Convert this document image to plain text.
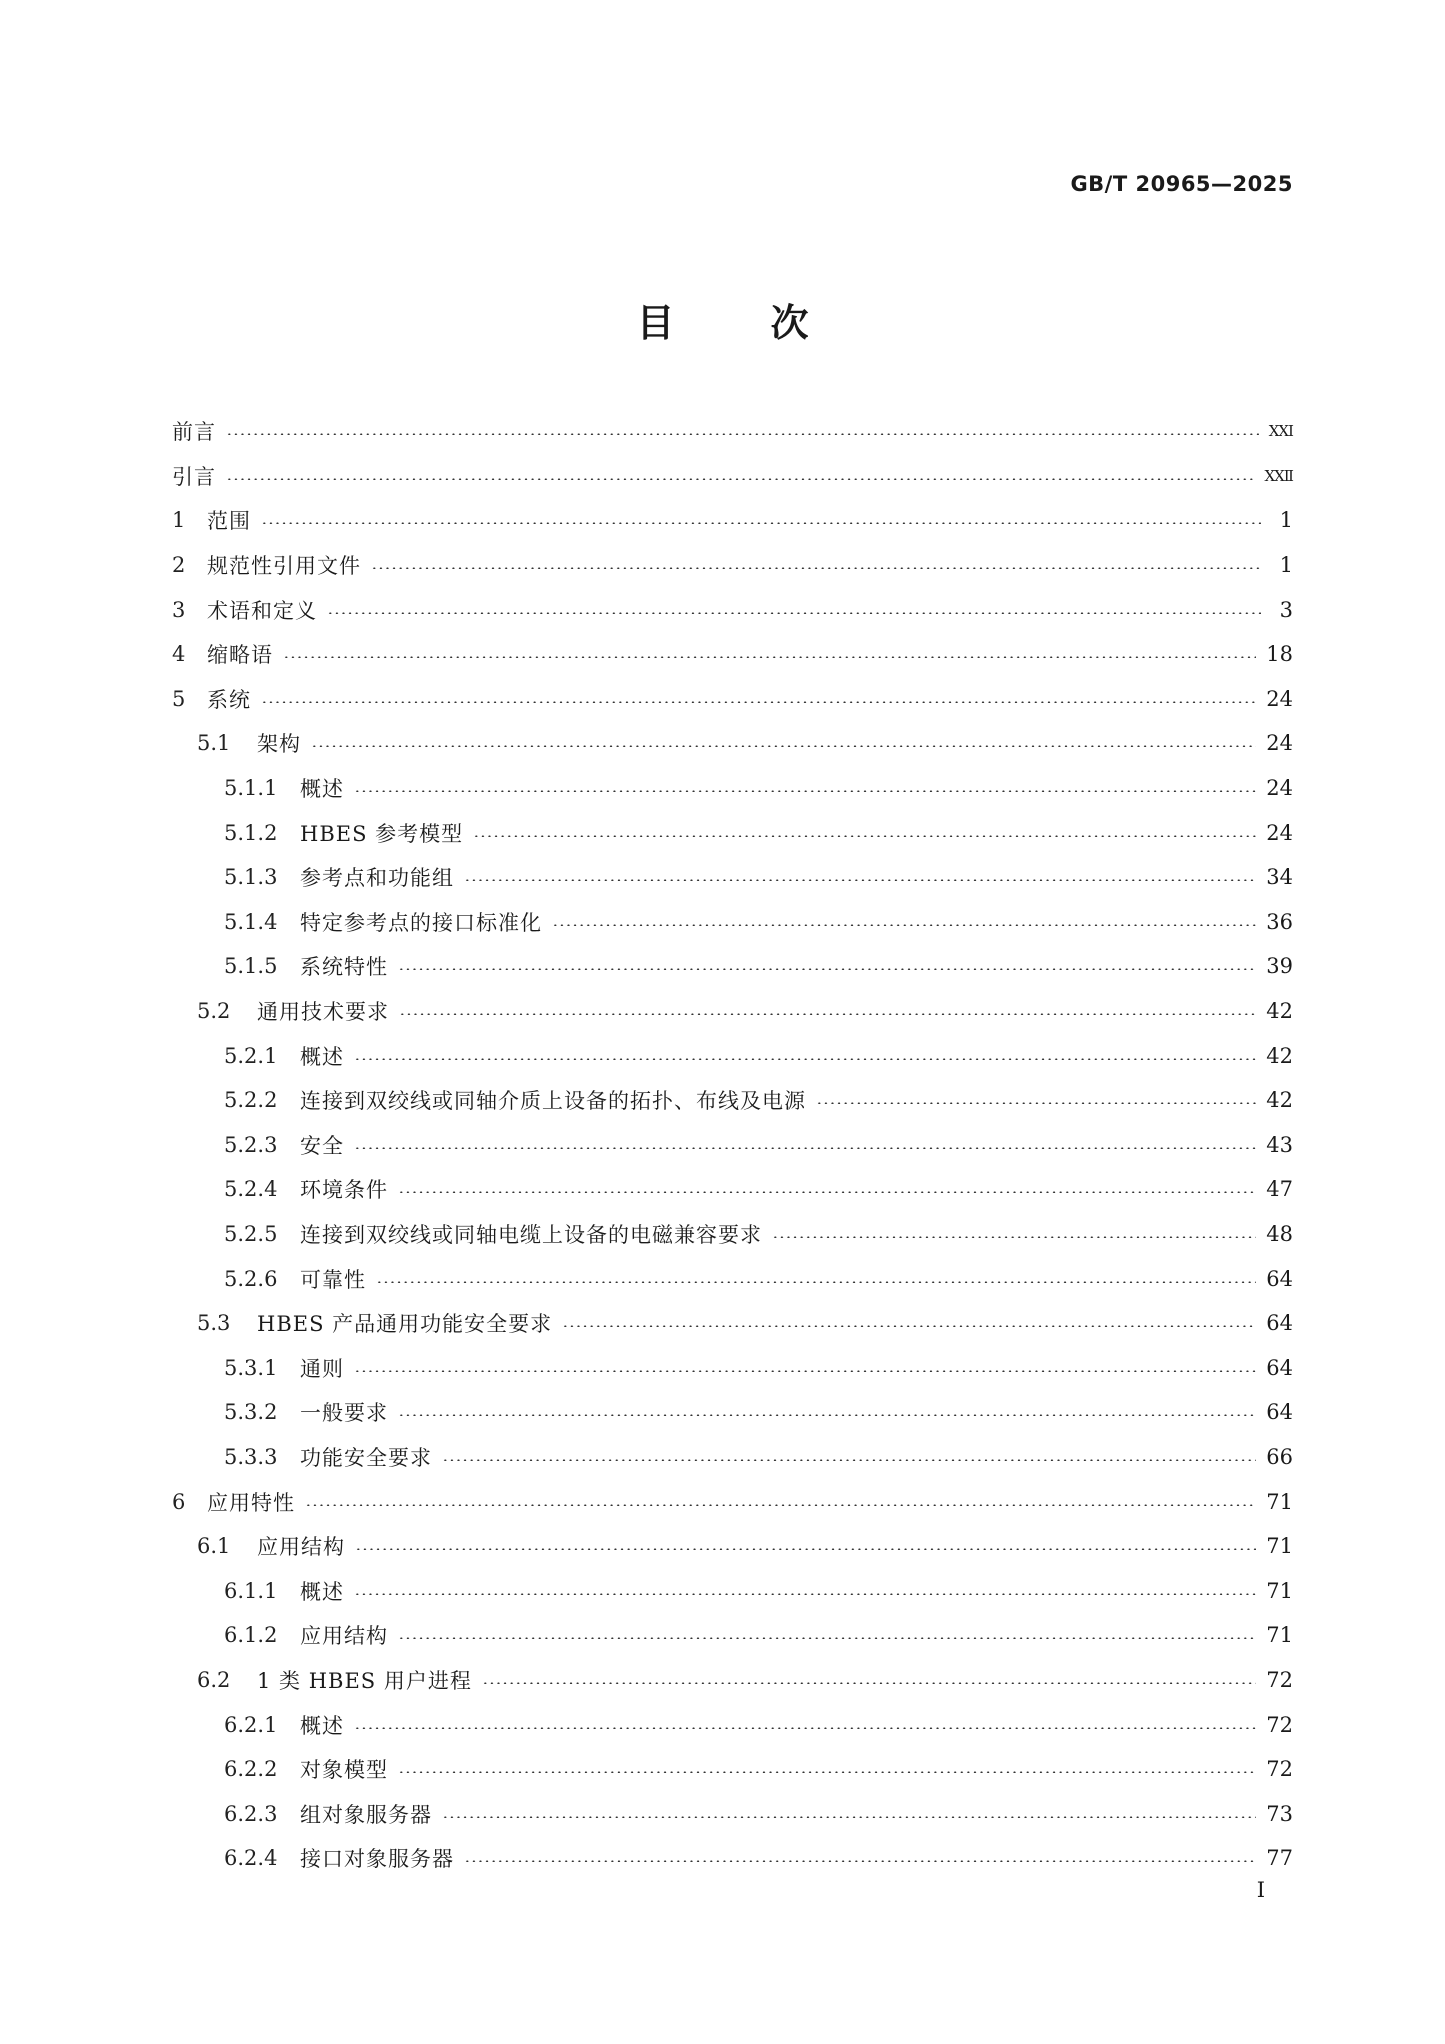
GB/T 20965—2025
目	次
前言	ⅩⅩⅠ
引言	ⅩⅩⅡ
1	范围	1
2	规范性引用文件	1
3	术语和定义	3
4	缩略语	18
5	系统	24
5.1	架构	24
5.1.1	概述	24
5.1.2	HBES 参考模型	24
5.1.3	参考点和功能组	34
5.1.4	特定参考点的接口标准化	36
5.1.5	系统特性	39
5.2	通用技术要求	42
5.2.1	概述	42
5.2.2	连接到双绞线或同轴介质上设备的拓扑、布线及电源	42
5.2.3	安全	43
5.2.4	环境条件	47
5.2.5	连接到双绞线或同轴电缆上设备的电磁兼容要求	48
5.2.6	可靠性	64
5.3	HBES 产品通用功能安全要求	64
5.3.1	通则	64
5.3.2	一般要求	64
5.3.3	功能安全要求	66
6	应用特性	71
6.1	应用结构	71
6.1.1	概述	71
6.1.2	应用结构	71
6.2	1 类 HBES 用户进程	72
6.2.1	概述	72
6.2.2	对象模型	72
6.2.3	组对象服务器	73
6.2.4	接口对象服务器	77
I
